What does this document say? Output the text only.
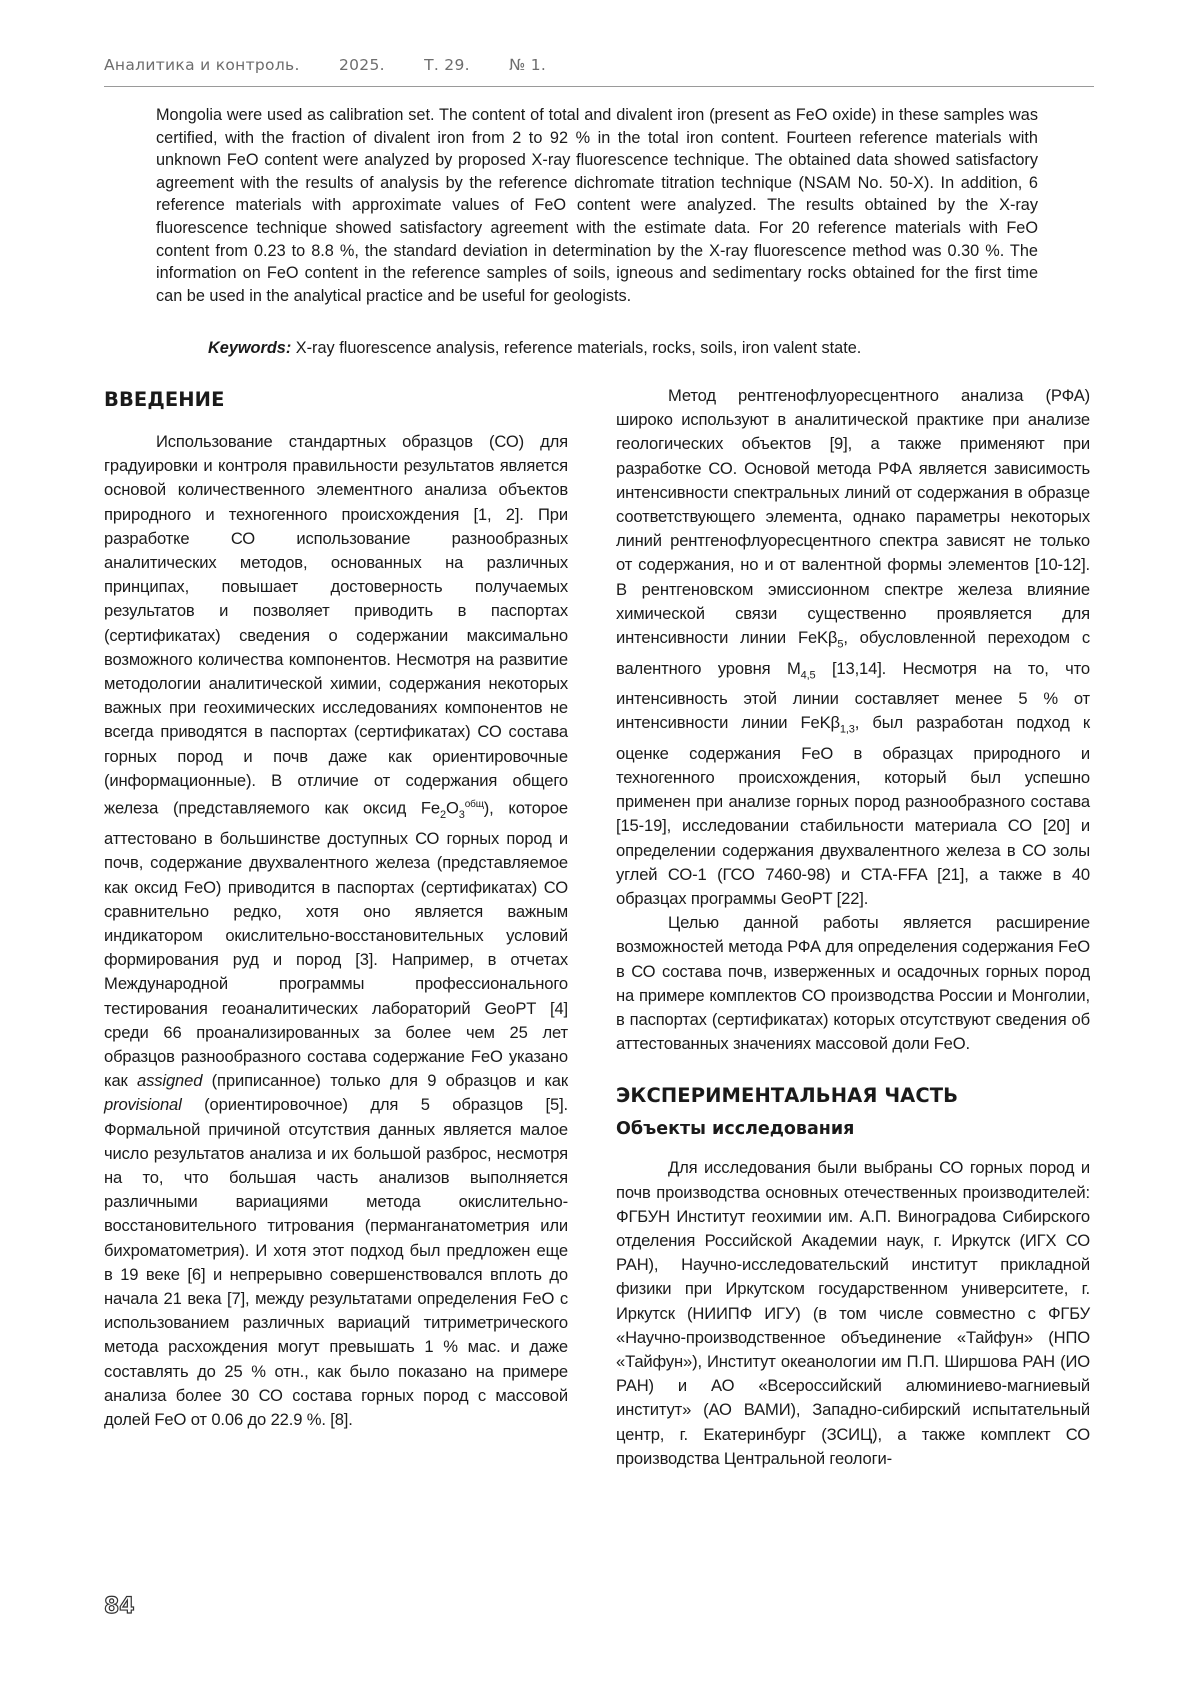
Аналитика и контроль.	2025.	Т. 29.	№ 1.

Mongolia were used as calibration set. The content of total and divalent iron (present as FeO oxide) in these samples was certified, with the fraction of divalent iron from 2 to 92 % in the total iron content. Fourteen reference materials with unknown FeO content were analyzed by proposed X-ray fluorescence technique. The obtained data showed satisfactory agreement with the results of analysis by the reference dichromate titration technique (NSAM No. 50-X). In addition, 6 reference materials with approximate values of FeO content were analyzed. The results obtained by the X-ray fluorescence technique showed satisfactory agreement with the estimate data. For 20 reference materials with FeO content from 0.23 to 8.8 %, the standard deviation in determination by the X-ray fluorescence method was 0.30 %. The information on FeO content in the reference samples of soils, igneous and sedimentary rocks obtained for the first time can be used in the analytical practice and be useful for geologists.

Keywords: X-ray fluorescence analysis, reference materials, rocks, soils, iron valent state.

ВВЕДЕНИЕ

Использование стандартных образцов (СО) для градуировки и контроля правильности результатов является основой количественного элементного анализа объектов природного и техногенного происхождения [1, 2]. При разработке СО использование разнообразных аналитических методов, основанных на различных принципах, повышает достоверность получаемых результатов и позволяет приводить в паспортах (сертификатах) сведения о содержании максимально возможного количества компонентов. Несмотря на развитие методологии аналитической химии, содержания некоторых важных при геохимических исследованиях компонентов не всегда приводятся в паспортах (сертификатах) СО состава горных пород и почв даже как ориентировочные (информационные). В отличие от содержания общего железа (представляемого как оксид Fe2O3общ), которое аттестовано в большинстве доступных СО горных пород и почв, содержание двухвалентного железа (представляемое как оксид FeO) приводится в паспортах (сертификатах) СО сравнительно редко, хотя оно является важным индикатором окислительно-восстановительных условий формирования руд и пород [3]. Например, в отчетах Международной программы профессионального тестирования геоаналитических лабораторий GeoPT [4] среди 66 проанализированных за более чем 25 лет образцов разнообразного состава содержание FeO указано как assigned (приписанное) только для 9 образцов и как provisional (ориентировочное) для 5 образцов [5]. Формальной причиной отсутствия данных является малое число результатов анализа и их большой разброс, несмотря на то, что большая часть анализов выполняется различными вариациями метода окислительно-восстановительного титрования (перманганатометрия или бихроматометрия). И хотя этот подход был предложен еще в 19 веке [6] и непрерывно совершенствовался вплоть до начала 21 века [7], между результатами определения FeO с использованием различных вариаций титриметрического метода расхождения могут превышать 1 % мас. и даже составлять до 25 % отн., как было показано на примере анализа более 30 СО состава горных пород с массовой долей FeO от 0.06 до 22.9 %. [8].

Метод рентгенофлуоресцентного анализа (РФА) широко используют в аналитической практике при анализе геологических объектов [9], а также применяют при разработке СО. Основой метода РФА является зависимость интенсивности спектральных линий от содержания в образце соответствующего элемента, однако параметры некоторых линий рентгенофлуоресцентного спектра зависят не только от содержания, но и от валентной формы элементов [10-12]. В рентгеновском эмиссионном спектре железа влияние химической связи существенно проявляется для интенсивности линии FeKβ5, обусловленной переходом с валентного уровня M4,5 [13,14]. Несмотря на то, что интенсивность этой линии составляет менее 5 % от интенсивности линии FeKβ1,3, был разработан подход к оценке содержания FeO в образцах природного и техногенного происхождения, который был успешно применен при анализе горных пород разнообразного состава [15-19], исследовании стабильности материала СО [20] и определении содержания двухвалентного железа в СО золы углей СО-1 (ГСО 7460-98) и СТА-FFA [21], а также в 40 образцах программы GeoPT [22].

Целью данной работы является расширение возможностей метода РФА для определения содержания FeO в СО состава почв, изверженных и осадочных горных пород на примере комплектов СО производства России и Монголии, в паспортах (сертификатах) которых отсутствуют сведения об аттестованных значениях массовой доли FeO.

ЭКСПЕРИМЕНТАЛЬНАЯ ЧАСТЬ
Объекты исследования

Для исследования были выбраны СО горных пород и почв производства основных отечественных производителей: ФГБУН Институт геохимии им. А.П. Виноградова Сибирского отделения Российской Академии наук, г. Иркутск (ИГХ СО РАН), Научно-исследовательский институт прикладной физики при Иркутском государственном университете, г. Иркутск (НИИПФ ИГУ) (в том числе совместно с ФГБУ «Научно-производственное объединение «Тайфун» (НПО «Тайфун»), Институт океанологии им П.П. Ширшова РАН (ИО РАН) и АО «Всероссийский алюминиево-магниевый институт» (АО ВАМИ), Западно-сибирский испытательный центр, г. Екатеринбург (ЗСИЦ), а также комплект СО производства Центральной геологи-

84
